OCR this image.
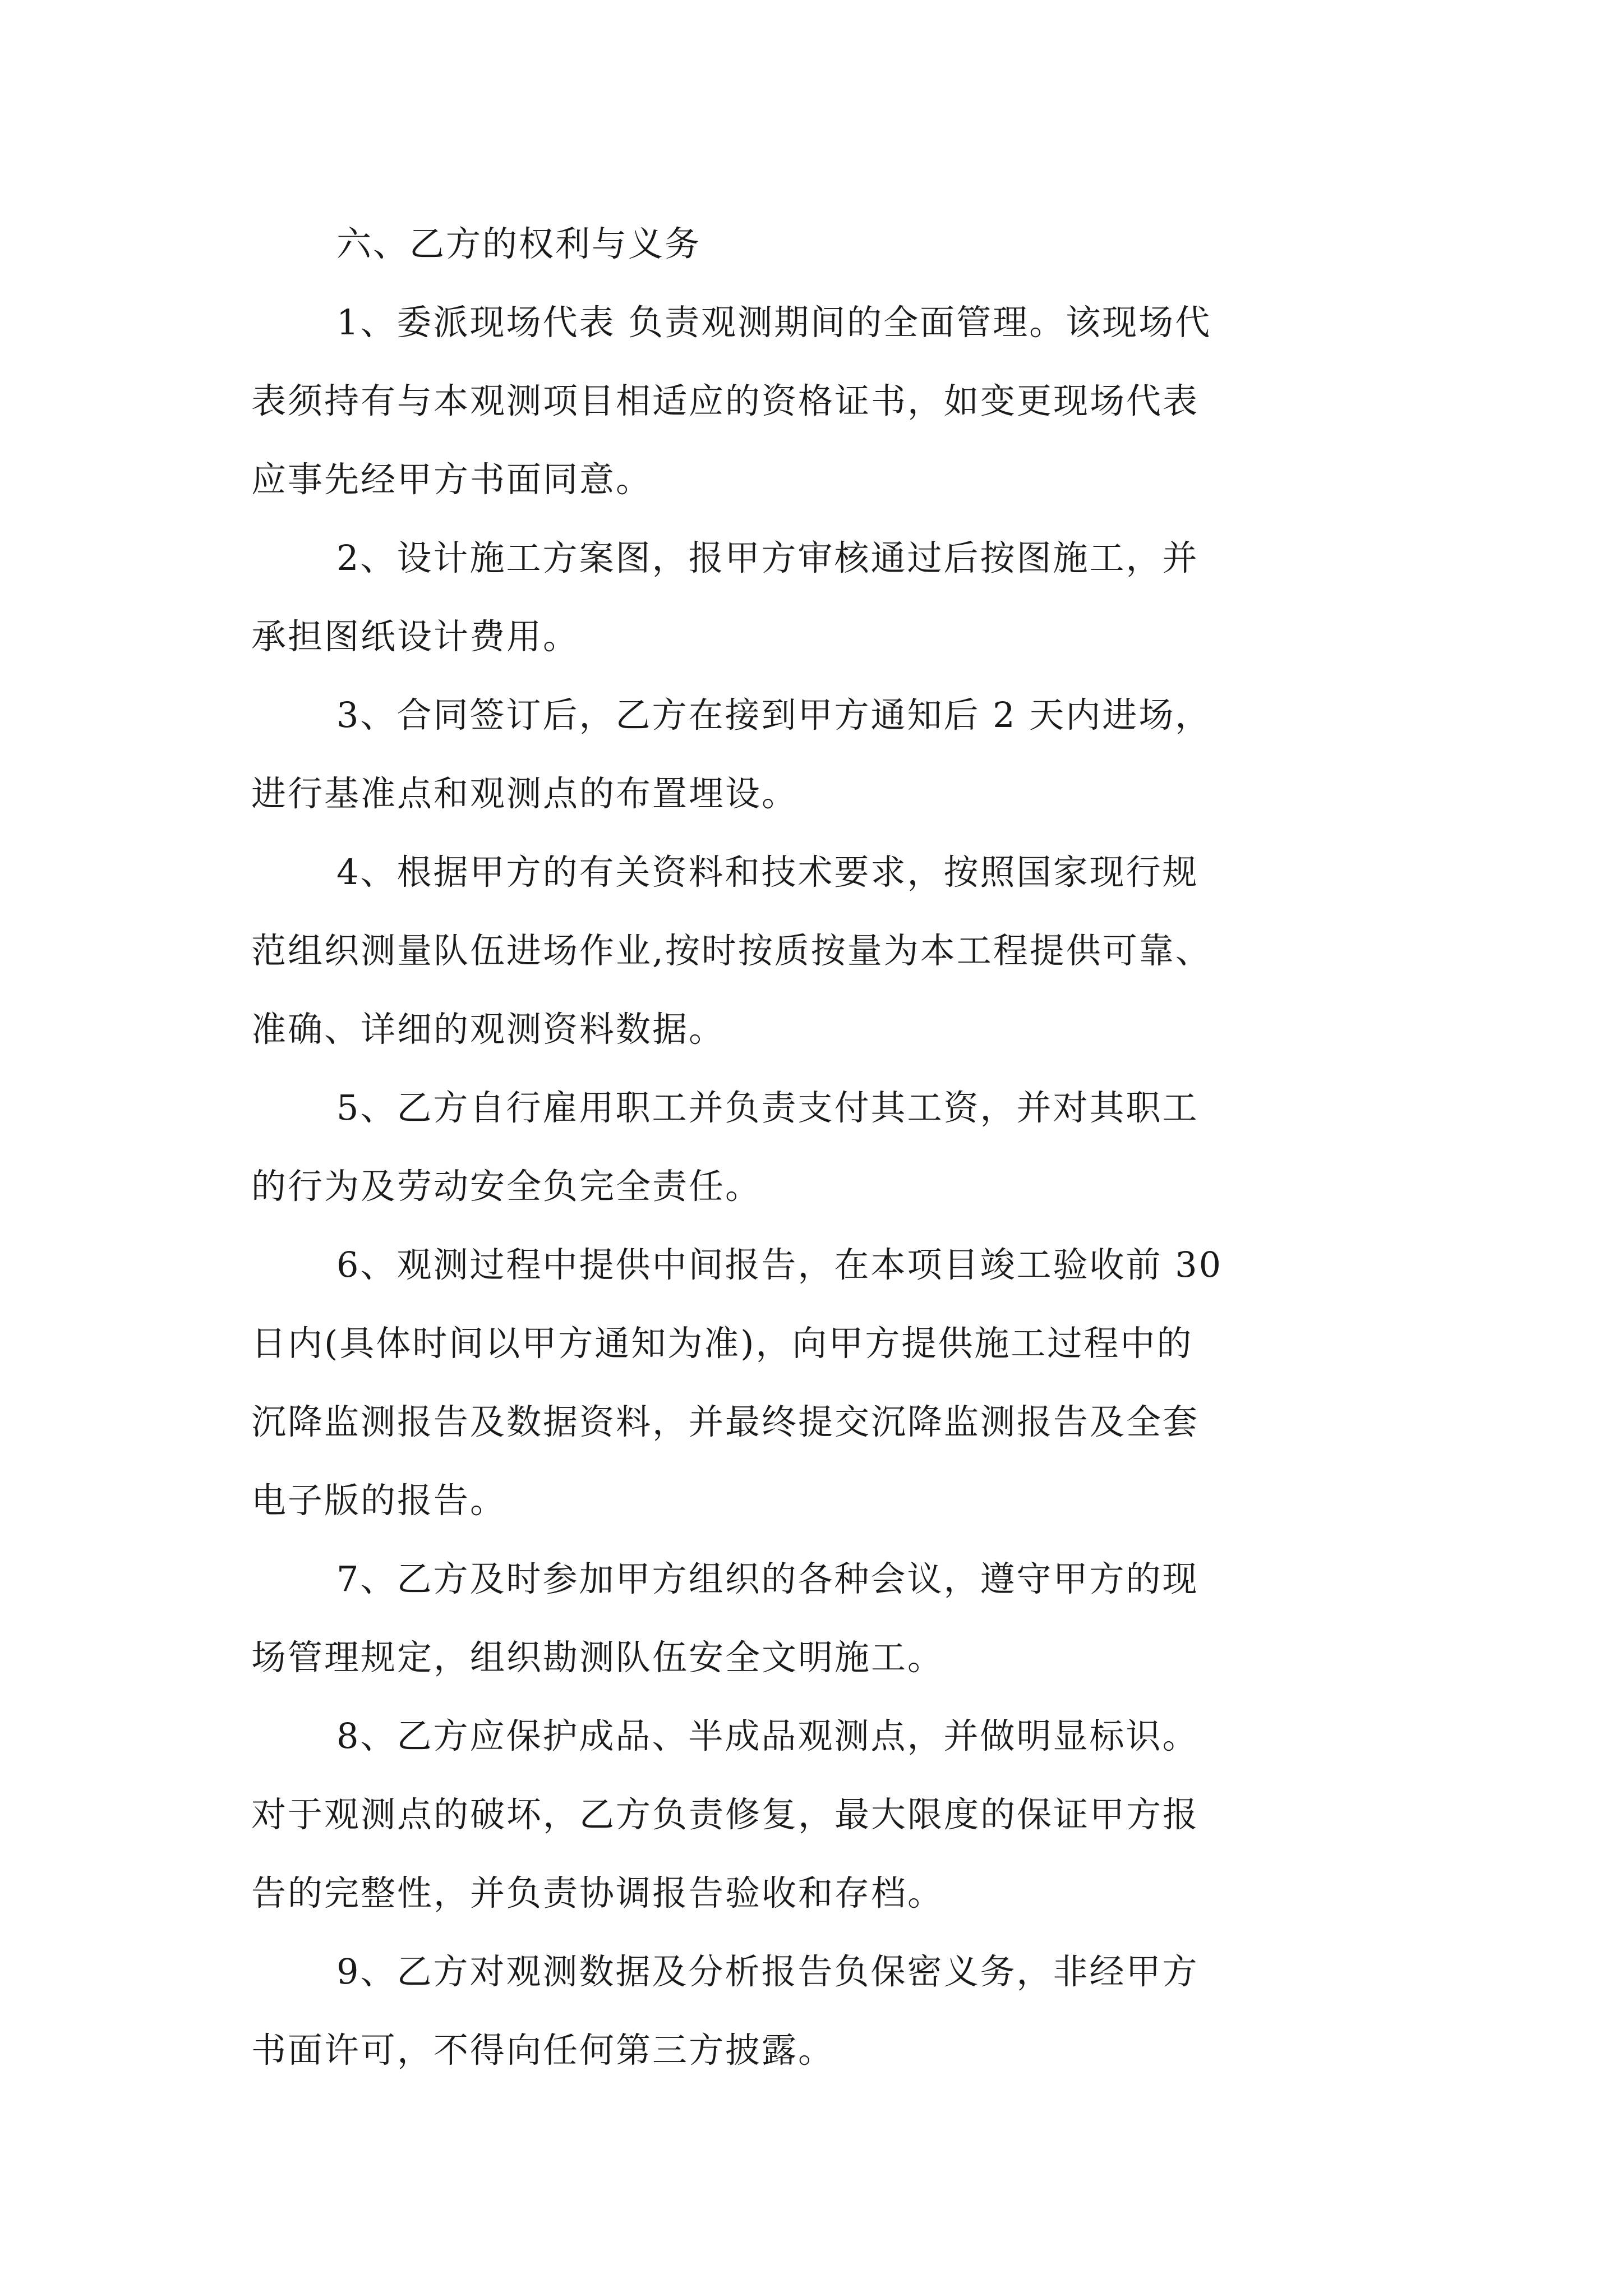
六、乙方的权利与义务

1、委派现场代表 负责观测期间的全面管理。该现场代

表须持有与本观测项目相适应的资格证书，如变更现场代表

应事先经甲方书面同意。

2、设计施工方案图，报甲方审核通过后按图施工，并

承担图纸设计费用。

3、合同签订后，乙方在接到甲方通知后 2 天内进场，

进行基准点和观测点的布置埋设。

4、根据甲方的有关资料和技术要求，按照国家现行规

范组织测量队伍进场作业,按时按质按量为本工程提供可靠、

准确、详细的观测资料数据。

5、乙方自行雇用职工并负责支付其工资，并对其职工

的行为及劳动安全负完全责任。

6、观测过程中提供中间报告，在本项目竣工验收前 30

日内(具体时间以甲方通知为准)，向甲方提供施工过程中的

沉降监测报告及数据资料，并最终提交沉降监测报告及全套

电子版的报告。

7、乙方及时参加甲方组织的各种会议，遵守甲方的现

场管理规定，组织勘测队伍安全文明施工。

8、乙方应保护成品、半成品观测点，并做明显标识。

对于观测点的破坏，乙方负责修复，最大限度的保证甲方报

告的完整性，并负责协调报告验收和存档。

9、乙方对观测数据及分析报告负保密义务，非经甲方

书面许可，不得向任何第三方披露。
